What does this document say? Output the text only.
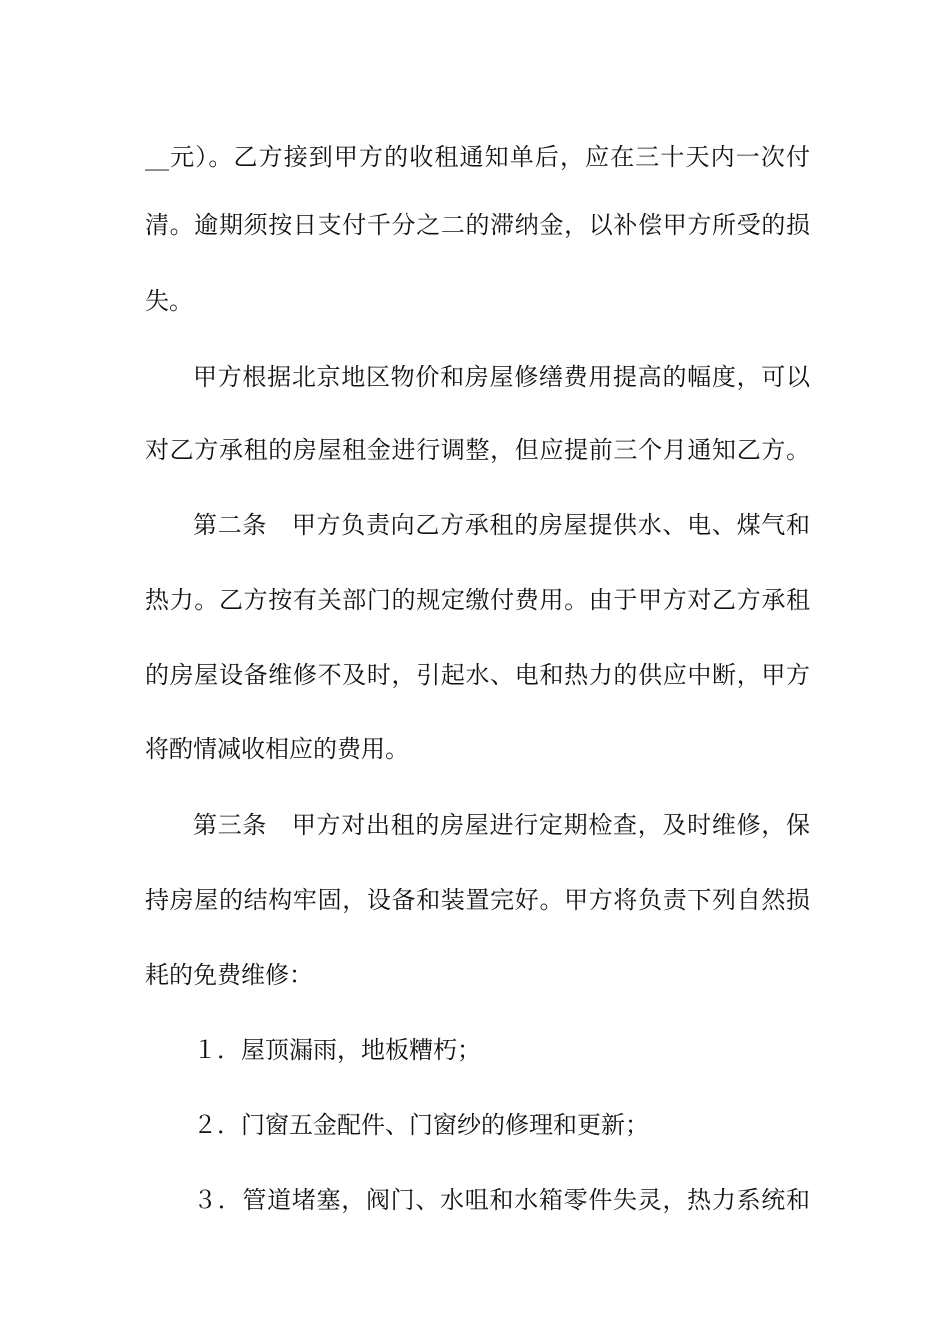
__元）。乙方接到甲方的收租通知单后，应在三十天内一次付
清。逾期须按日支付千分之二的滞纳金，以补偿甲方所受的损
失。
甲方根据北京地区物价和房屋修缮费用提高的幅度，可以
对乙方承租的房屋租金进行调整，但应提前三个月通知乙方。
第二条　甲方负责向乙方承租的房屋提供水、电、煤气和
热力。乙方按有关部门的规定缴付费用。由于甲方对乙方承租
的房屋设备维修不及时，引起水、电和热力的供应中断，甲方
将酌情减收相应的费用。
第三条　甲方对出租的房屋进行定期检查，及时维修，保
持房屋的结构牢固，设备和装置完好。甲方将负责下列自然损
耗的免费维修：
１．屋顶漏雨，地板糟朽；
２．门窗五金配件、门窗纱的修理和更新；
３．管道堵塞，阀门、水咀和水箱零件失灵，热力系统和
